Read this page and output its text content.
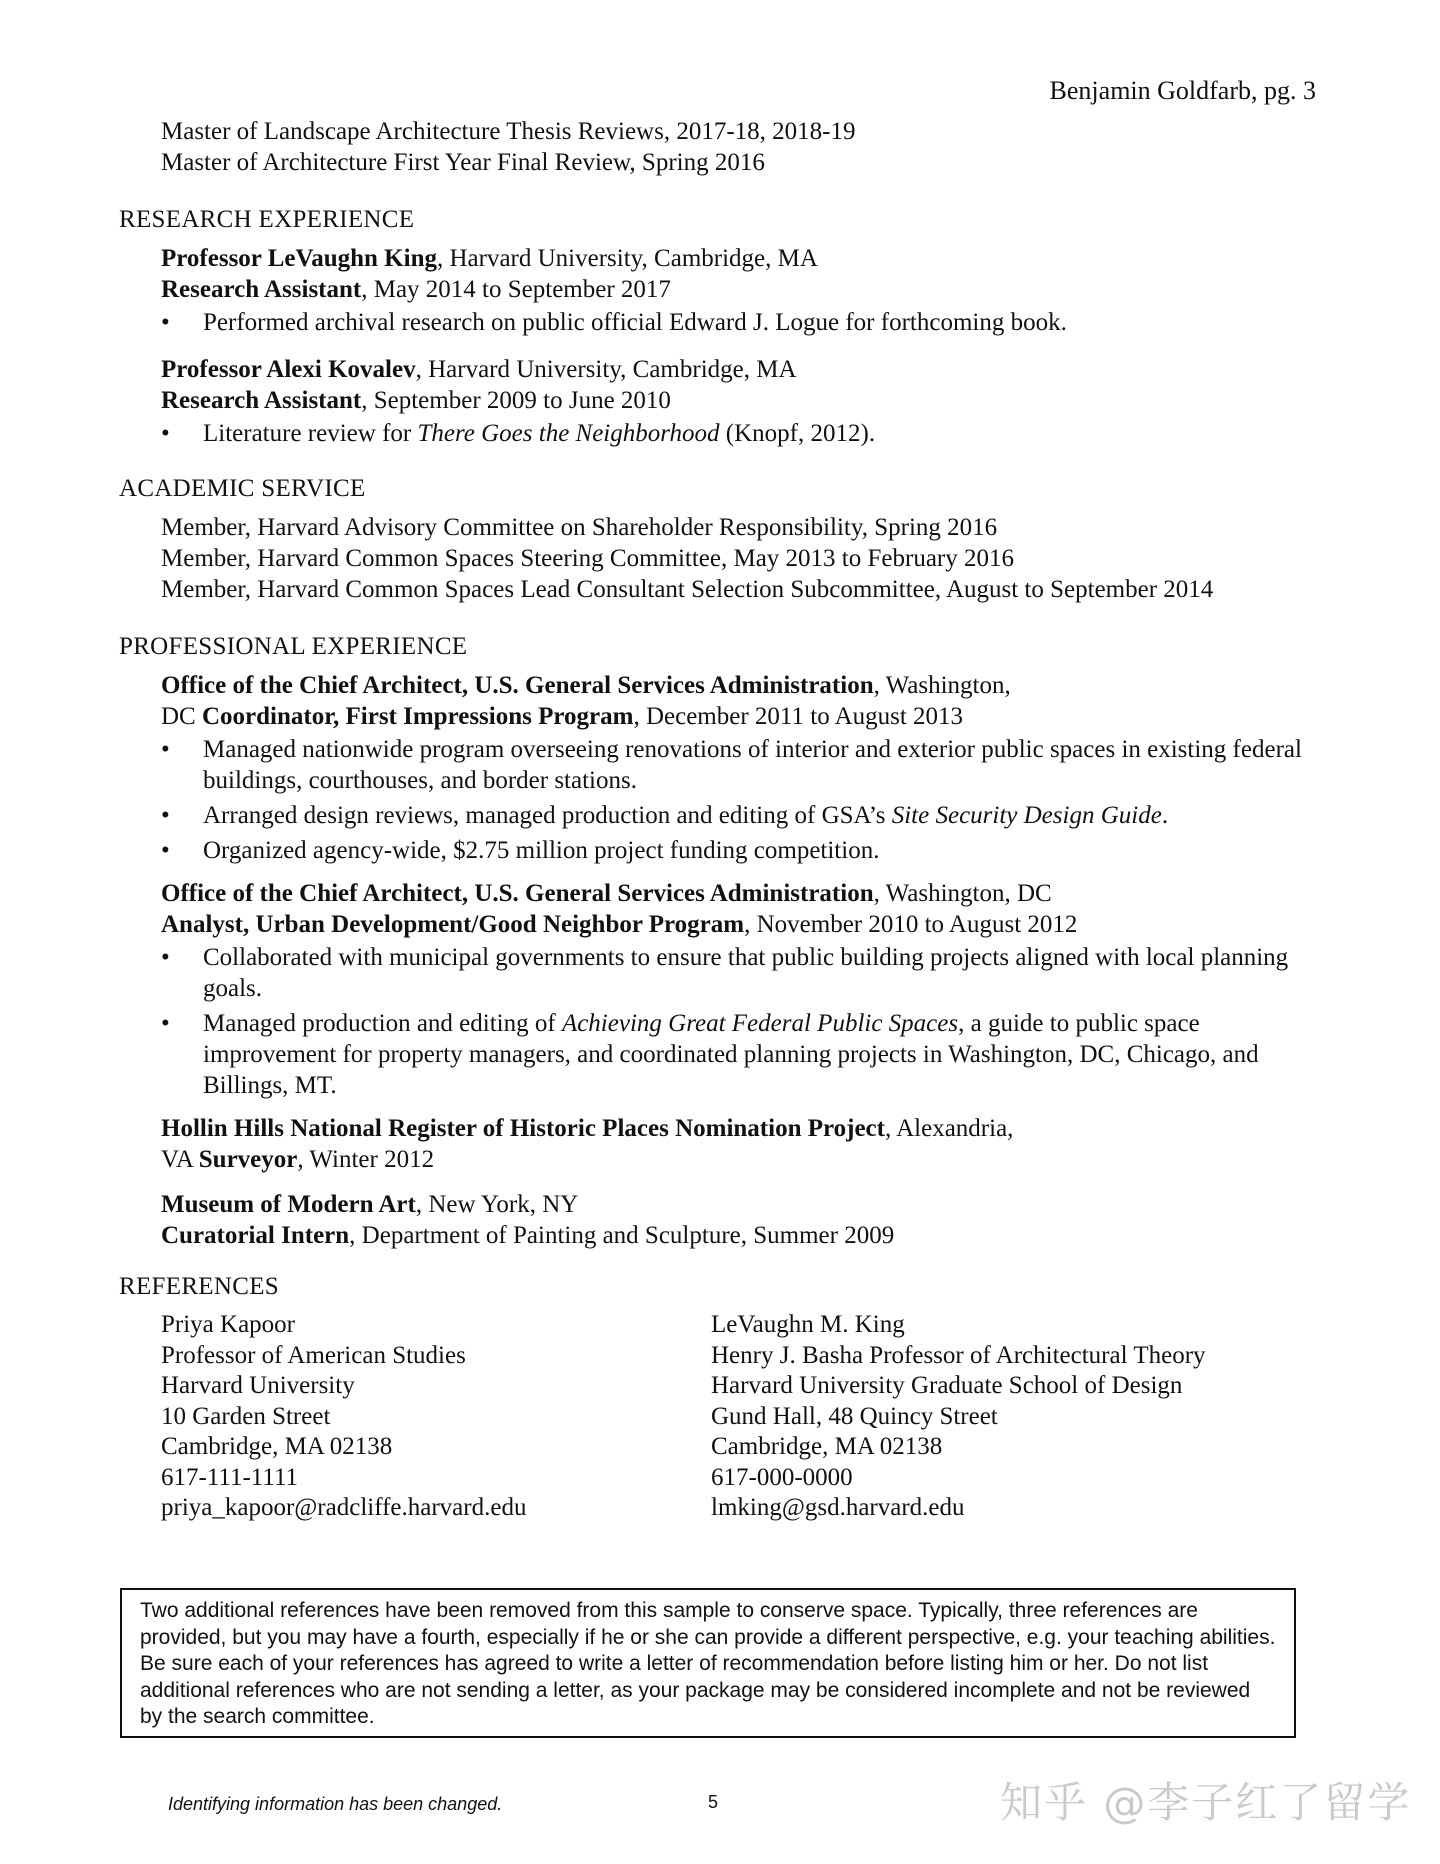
Benjamin Goldfarb, pg. 3
Master of Landscape Architecture Thesis Reviews, 2017-18, 2018-19
Master of Architecture First Year Final Review, Spring 2016
RESEARCH EXPERIENCE
Professor LeVaughn King, Harvard University, Cambridge, MA
Research Assistant, May 2014 to September 2017
• Performed archival research on public official Edward J. Logue for forthcoming book.
Professor Alexi Kovalev, Harvard University, Cambridge, MA
Research Assistant, September 2009 to June 2010
• Literature review for There Goes the Neighborhood (Knopf, 2012).
ACADEMIC SERVICE
Member, Harvard Advisory Committee on Shareholder Responsibility, Spring 2016
Member, Harvard Common Spaces Steering Committee, May 2013 to February 2016
Member, Harvard Common Spaces Lead Consultant Selection Subcommittee, August to September 2014
PROFESSIONAL EXPERIENCE
Office of the Chief Architect, U.S. General Services Administration, Washington,
DC Coordinator, First Impressions Program, December 2011 to August 2013
• Managed nationwide program overseeing renovations of interior and exterior public spaces in existing federal buildings, courthouses, and border stations.
• Arranged design reviews, managed production and editing of GSA’s Site Security Design Guide.
• Organized agency-wide, $2.75 million project funding competition.
Office of the Chief Architect, U.S. General Services Administration, Washington, DC
Analyst, Urban Development/Good Neighbor Program, November 2010 to August 2012
• Collaborated with municipal governments to ensure that public building projects aligned with local planning goals.
• Managed production and editing of Achieving Great Federal Public Spaces, a guide to public space improvement for property managers, and coordinated planning projects in Washington, DC, Chicago, and Billings, MT.
Hollin Hills National Register of Historic Places Nomination Project, Alexandria,
VA Surveyor, Winter 2012
Museum of Modern Art, New York, NY
Curatorial Intern, Department of Painting and Sculpture, Summer 2009
REFERENCES
Priya Kapoor
Professor of American Studies
Harvard University
10 Garden Street
Cambridge, MA 02138
617-111-1111
priya_kapoor@radcliffe.harvard.edu
LeVaughn M. King
Henry J. Basha Professor of Architectural Theory
Harvard University Graduate School of Design
Gund Hall, 48 Quincy Street
Cambridge, MA 02138
617-000-0000
lmking@gsd.harvard.edu
Two additional references have been removed from this sample to conserve space. Typically, three references are provided, but you may have a fourth, especially if he or she can provide a different perspective, e.g. your teaching abilities. Be sure each of your references has agreed to write a letter of recommendation before listing him or her. Do not list additional references who are not sending a letter, as your package may be considered incomplete and not be reviewed by the search committee.
Identifying information has been changed.	5	知乎 @李子红了留学
